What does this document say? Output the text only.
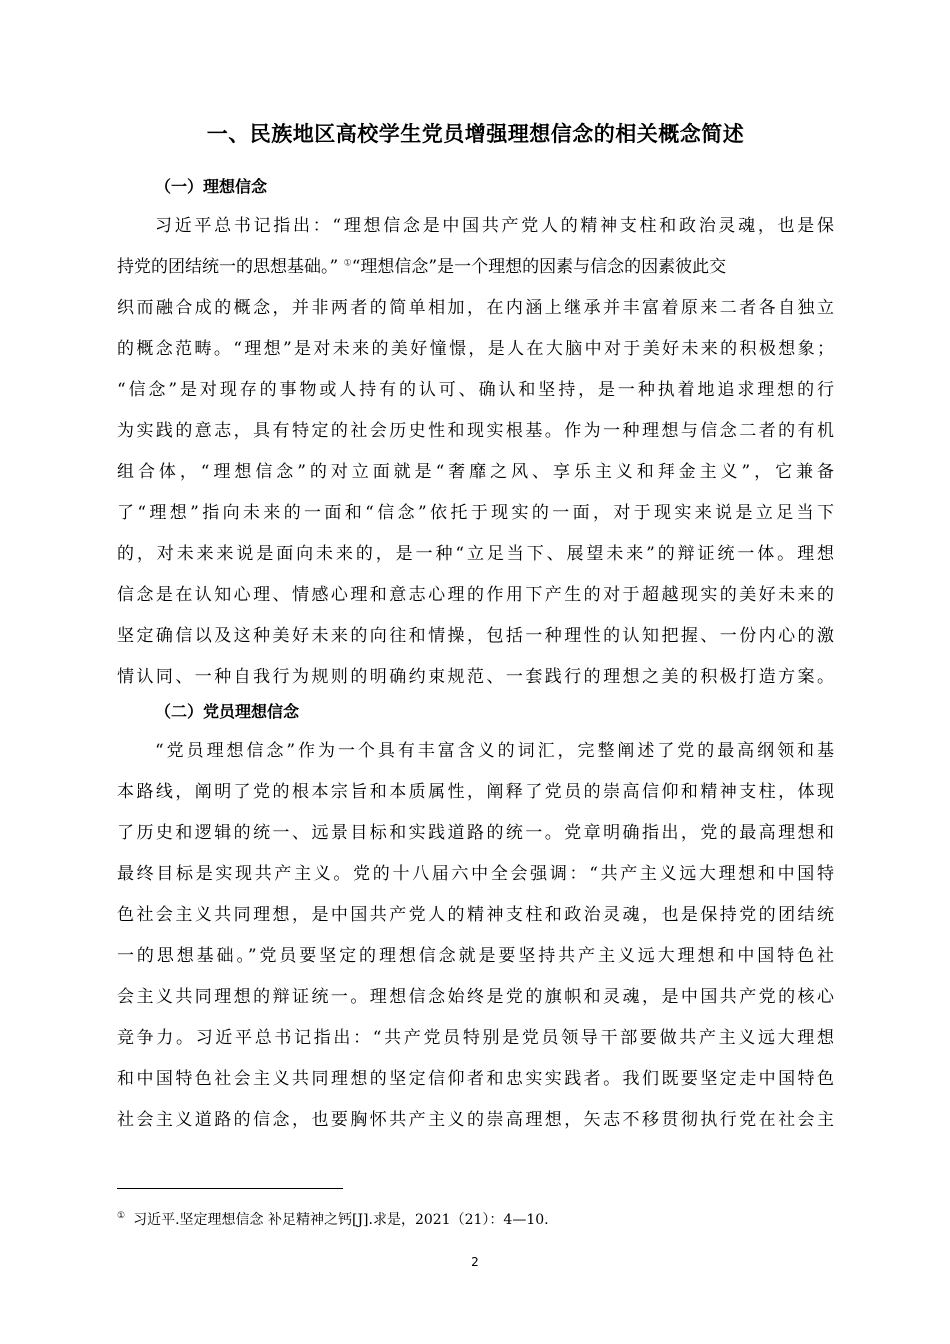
一、民族地区高校学生党员增强理想信念的相关概念简述
（一）理想信念
习近平总书记指出：“理想信念是中国共产党人的精神支柱和政治灵魂，也是保
持党的团结统一的思想基础。” ①“理想信念”是一个理想的因素与信念的因素彼此交
织而融合成的概念，并非两者的简单相加，在内涵上继承并丰富着原来二者各自独立
的概念范畴。“理想”是对未来的美好憧憬，是人在大脑中对于美好未来的积极想象；
“信念”是对现存的事物或人持有的认可、确认和坚持，是一种执着地追求理想的行
为实践的意志，具有特定的社会历史性和现实根基。作为一种理想与信念二者的有机
组合体，“理想信念”的对立面就是“奢靡之风、享乐主义和拜金主义”，它兼备
了“理想”指向未来的一面和“信念”依托于现实的一面，对于现实来说是立足当下
的，对未来来说是面向未来的，是一种“立足当下、展望未来”的辩证统一体。理想
信念是在认知心理、情感心理和意志心理的作用下产生的对于超越现实的美好未来的
坚定确信以及这种美好未来的向往和情操，包括一种理性的认知把握、一份内心的激
情认同、一种自我行为规则的明确约束规范、一套践行的理想之美的积极打造方案。
（二）党员理想信念
“党员理想信念”作为一个具有丰富含义的词汇，完整阐述了党的最高纲领和基
本路线，阐明了党的根本宗旨和本质属性，阐释了党员的崇高信仰和精神支柱，体现
了历史和逻辑的统一、远景目标和实践道路的统一。党章明确指出，党的最高理想和
最终目标是实现共产主义。党的十八届六中全会强调：“共产主义远大理想和中国特
色社会主义共同理想，是中国共产党人的精神支柱和政治灵魂，也是保持党的团结统
一的思想基础。”党员要坚定的理想信念就是要坚持共产主义远大理想和中国特色社
会主义共同理想的辩证统一。理想信念始终是党的旗帜和灵魂，是中国共产党的核心
竞争力。习近平总书记指出：“共产党员特别是党员领导干部要做共产主义远大理想
和中国特色社会主义共同理想的坚定信仰者和忠实实践者。我们既要坚定走中国特色
社会主义道路的信念，也要胸怀共产主义的崇高理想，矢志不移贯彻执行党在社会主
① 习近平.坚定理想信念 补足精神之钙[J].求是，2021（21）：4—10.
2
